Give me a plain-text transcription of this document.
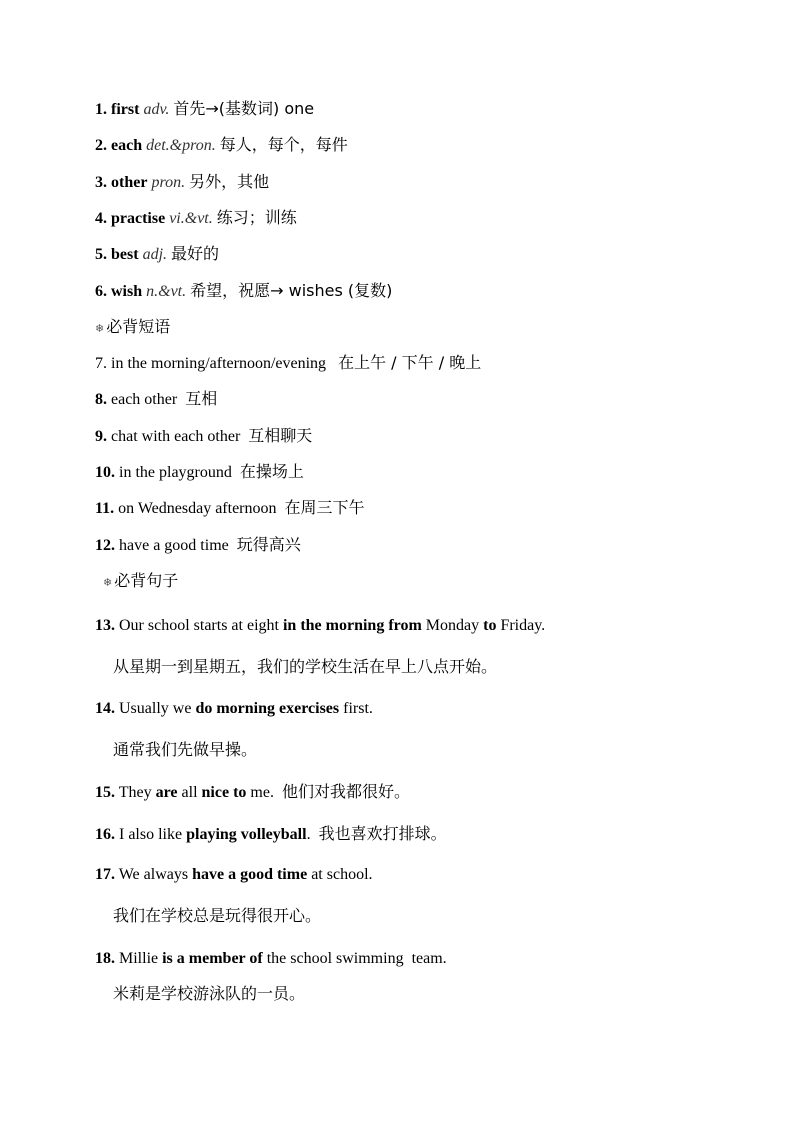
1. first adv. 首先→(基数词) one
2. each det.&pron. 每人，每个，每件
3. other pron. 另外，其他
4. practise vi.&vt. 练习；训练
5. best adj. 最好的
6. wish n.&vt. 希望，祝愿→ wishes (复数)
❄ 必背短语
7. in the morning/afternoon/evening 在上午 / 下午 / 晚上
8. each other 互相
9. chat with each other 互相聊天
10. in the playground 在操场上
11. on Wednesday afternoon 在周三下午
12. have a good time 玩得高兴
❄ 必背句子
13. Our school starts at eight in the morning from Monday to Friday.
从星期一到星期五，我们的学校生活在早上八点开始。
14. Usually we do morning exercises first.
通常我们先做早操。
15. They are all nice to me. 他们对我都很好。
16. I also like playing volleyball. 我也喜欢打排球。
17. We always have a good time at school.
我们在学校总是玩得很开心。
18. Millie is a member of the school swimming  team.
米莉是学校游泳队的一员。
